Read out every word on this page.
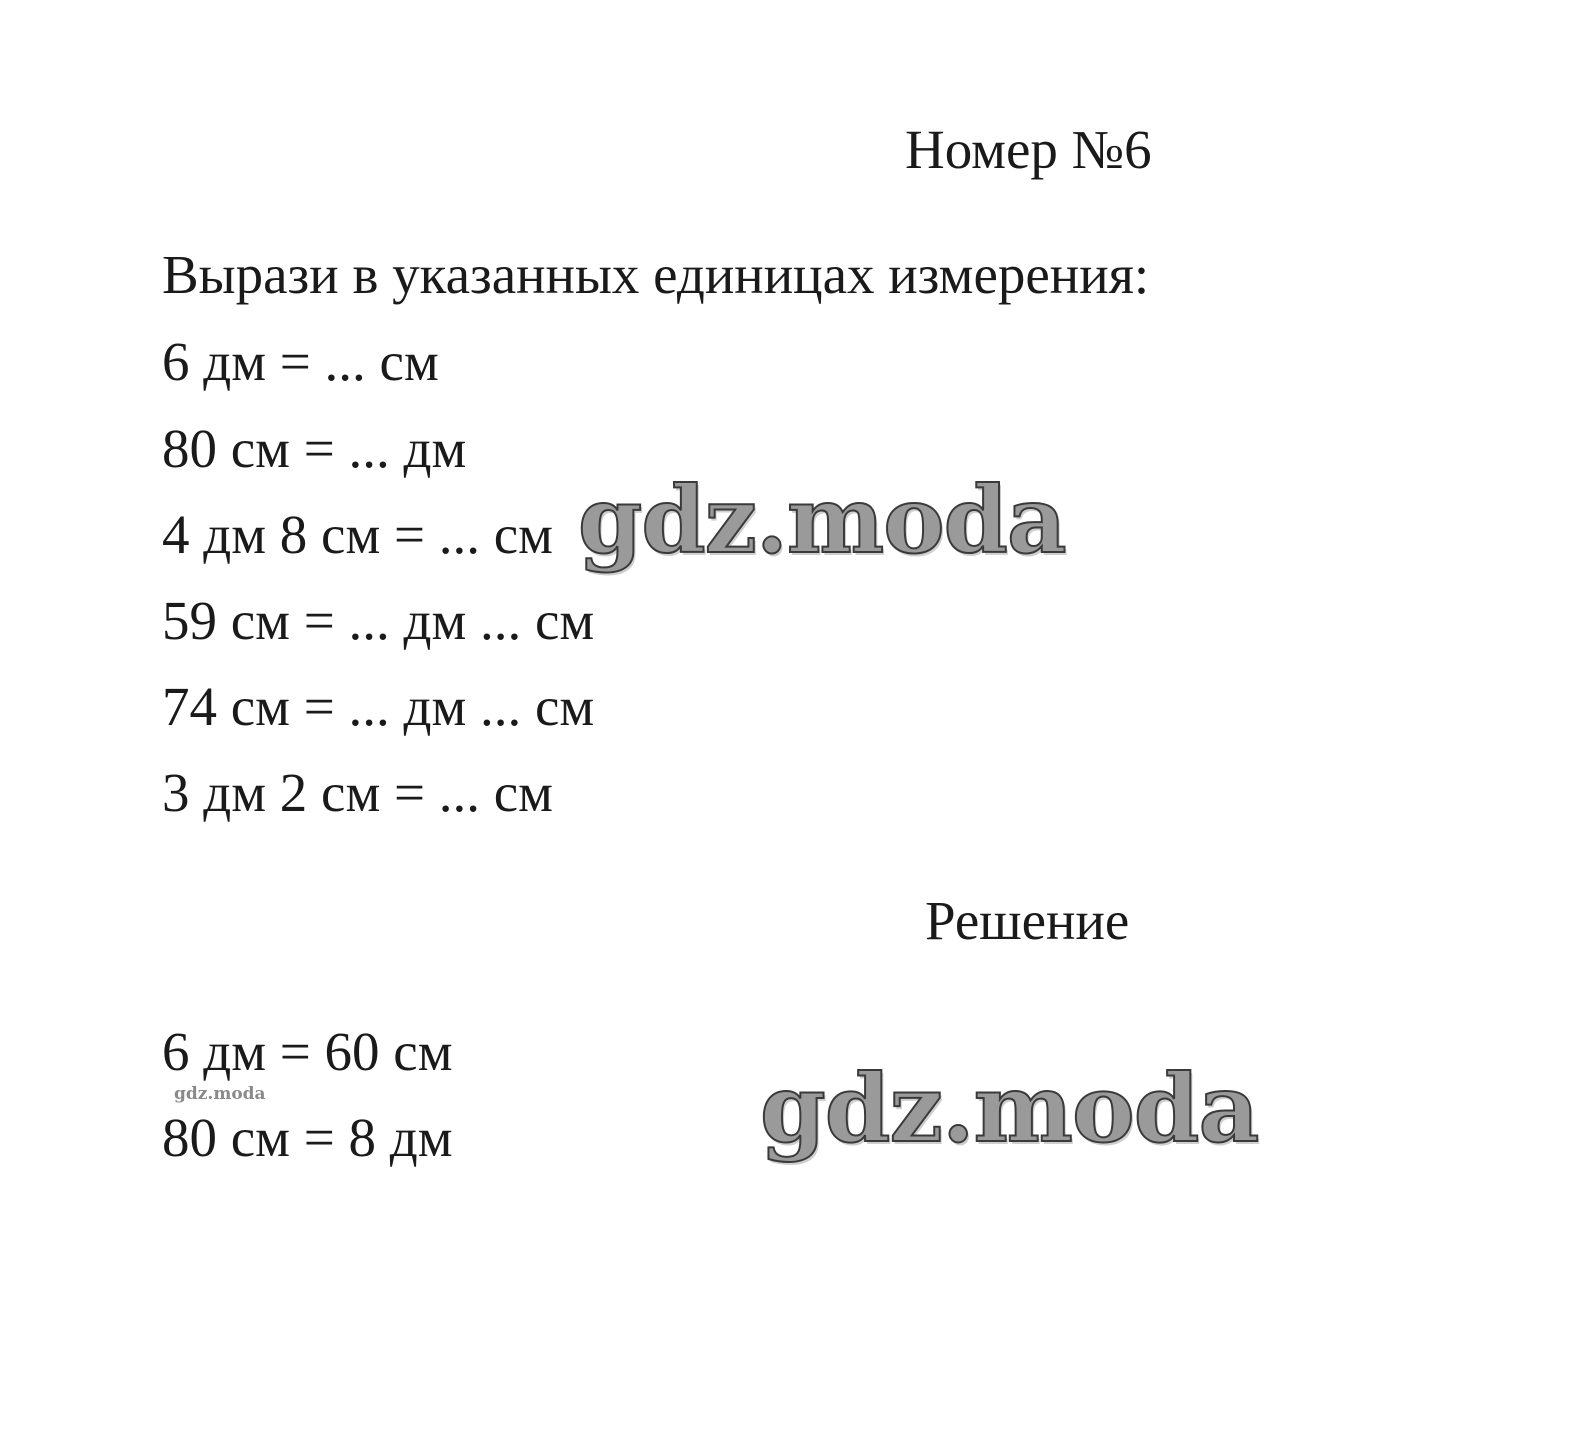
Номер №6
Вырази в указанных единицах измерения:
6 дм = ... см
80 см = ... дм
4 дм 8 см = ... см
59 см = ... дм ... см
74 см = ... дм ... см
3 дм 2 см = ... см
Решение
6 дм = 60 см
80 см = 8 дм
gdz.moda
gdz.moda
gdz.moda
